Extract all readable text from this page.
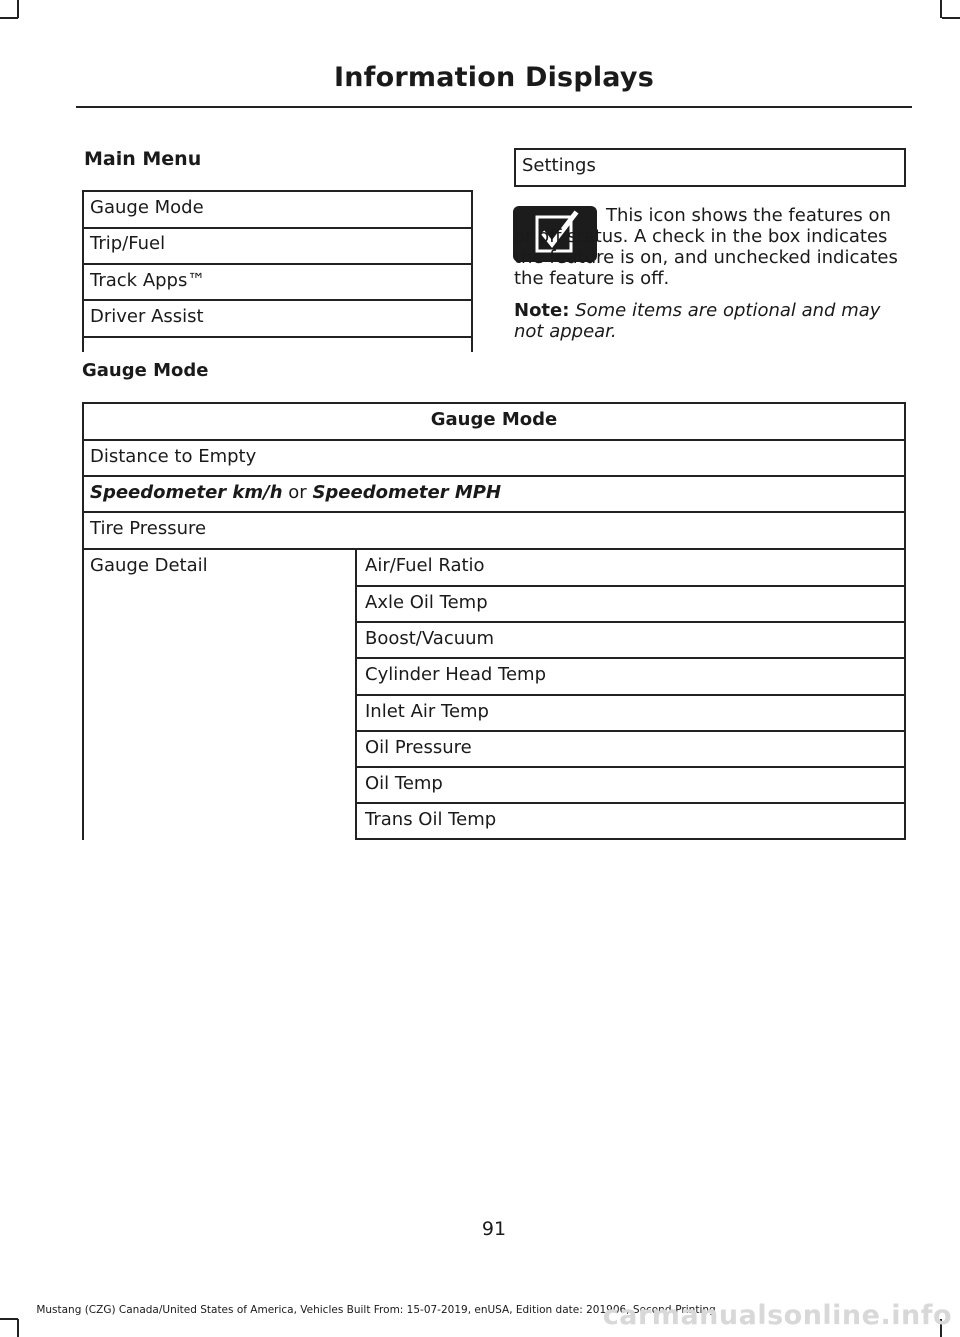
Information Displays
Main Menu
Gauge Mode
Trip/Fuel
Track Apps™
Driver Assist
Settings
This icon shows the features on or off status. A check in the box indicates the feature is on, and unchecked indicates the feature is off.
Note: Some items are optional and may not appear.
Gauge Mode
Gauge Mode
Distance to Empty
Speedometer km/h or Speedometer MPH
Tire Pressure
Gauge Detail	Air/Fuel Ratio
Axle Oil Temp
Boost/Vacuum
Cylinder Head Temp
Inlet Air Temp
Oil Pressure
Oil Temp
Trans Oil Temp
91
Mustang (CZG) Canada/United States of America, Vehicles Built From: 15-07-2019, enUSA, Edition date: 201906, Second-Printing
carmanualsonline.info
